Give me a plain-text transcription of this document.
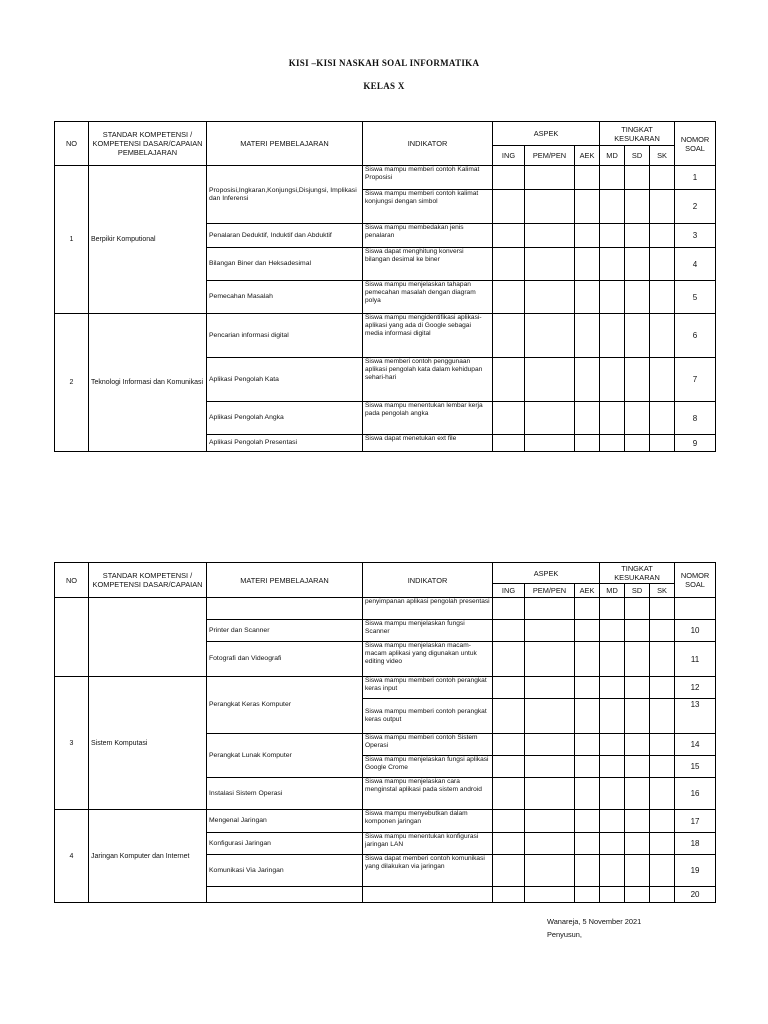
KISI –KISI NASKAH SOAL INFORMATIKA
KELAS X
NO	STANDAR KOMPETENSI / KOMPETENSI DASAR/CAPAIAN PEMBELAJARAN	MATERI PEMBELAJARAN	INDIKATOR	ASPEK			TINGKAT KESUKARAN			NOMOR SOAL
				ING	PEM/PEN	AEK	MD	SD	SK	
1	Berpikir Komputional	Proposisi,Ingkaran,Konjungsi,Disjungsi, Implikasi dan Inferensi	Siswa mampu memberi contoh Kalimat Proposisi							1
			Siswa mampu memberi contoh kalimat konjungsi dengan simbol							2
		Penalaran Deduktif, Induktif dan Abduktif	Siswa mampu membedakan jenis penalaran							3
		Bilangan Biner dan Heksadesimal	Siswa dapat menghitung konversi bilangan desimal ke biner							4
		Pemecahan Masalah	Siswa mampu menjelaskan tahapan pemecahan masalah dengan diagram polya							5
2	Teknologi Informasi dan Komunikasi	Pencarian informasi digital	Siswa mampu mengidentifikasi aplikasi-aplikasi yang ada di Google sebagai media informasi digital							6
		Aplikasi Pengolah Kata	Siswa memberi contoh penggunaan aplikasi pengolah kata dalam kehidupan sehari-hari							7
		Aplikasi Pengolah Angka	Siswa mampu menentukan lembar kerja pada pengolah angka							8
		Aplikasi Pengolah Presentasi	Siswa dapat menetukan ext file							9
NO	STANDAR KOMPETENSI / KOMPETENSI DASAR/CAPAIAN	MATERI PEMBELAJARAN	INDIKATOR	ASPEK			TINGKAT KESUKARAN			NOMOR SOAL
				ING	PEM/PEN	AEK	MD	SD	SK	
			penyimpanan aplikasi pengolah presentasi							
		Printer dan Scanner	Siswa mampu menjelaskan fungsi Scanner							10
		Fotografi dan Videografi	Siswa mampu menjelaskan macam-macam aplikasi yang digunakan untuk editing video							11
3	Sistem Komputasi	Perangkat Keras Komputer	Siswa mampu memberi contoh perangkat keras input							12
			Siswa mampu memberi contoh perangkat keras output							13
		Perangkat Lunak Komputer	Siswa mampu memberi contoh Sistem Operasi							14
			Siswa mampu menjelaskan fungsi aplikasi Google Crome							15
		Instalasi Sistem Operasi	Siswa mampu menjelaskan cara menginstal aplikasi pada sistem android							16
4	Jaringan Komputer dan Internet	Mengenal Jaringan	Siswa mampu menyebutkan dalam komponen jaringan							17
		Konfigurasi Jaringan	Siswa mampu menentukan konfigurasi jaringan LAN							18
		Komunikasi Via Jaringan	Siswa dapat memberi contoh komunikasi yang dilakukan via jaringan							19
										20
Wanareja, 5 November 2021
Penyusun,
